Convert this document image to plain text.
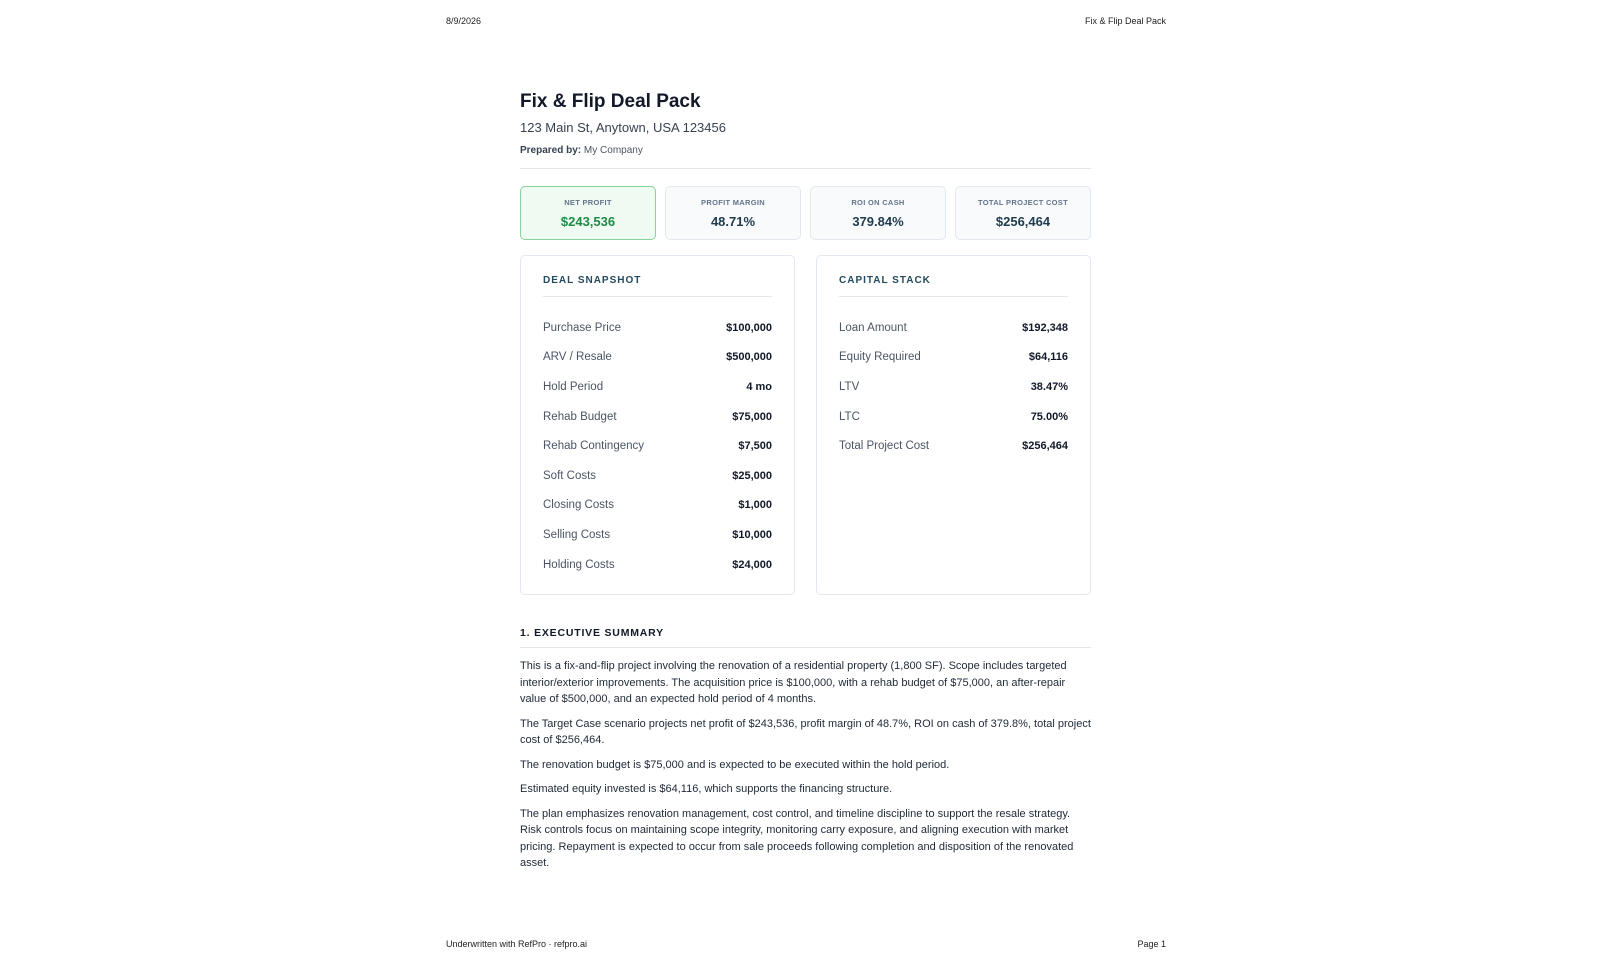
8/9/2026	Fix & Flip Deal Pack
Fix & Flip Deal Pack
123 Main St, Anytown, USA 123456
Prepared by: My Company
NET PROFIT
$243,536
PROFIT MARGIN
48.71%
ROI ON CASH
379.84%
TOTAL PROJECT COST
$256,464
DEAL SNAPSHOT
Purchase Price	$100,000
ARV / Resale	$500,000
Hold Period	4 mo
Rehab Budget	$75,000
Rehab Contingency	$7,500
Soft Costs	$25,000
Closing Costs	$1,000
Selling Costs	$10,000
Holding Costs	$24,000
CAPITAL STACK
Loan Amount	$192,348
Equity Required	$64,116
LTV	38.47%
LTC	75.00%
Total Project Cost	$256,464
1. EXECUTIVE SUMMARY

This is a fix-and-flip project involving the renovation of a residential property (1,800 SF). Scope includes targeted interior/exterior improvements. The acquisition price is $100,000, with a rehab budget of $75,000, an after-repair value of $500,000, and an expected hold period of 4 months.

The Target Case scenario projects net profit of $243,536, profit margin of 48.7%, ROI on cash of 379.8%, total project cost of $256,464.

The renovation budget is $75,000 and is expected to be executed within the hold period.

Estimated equity invested is $64,116, which supports the financing structure.

The plan emphasizes renovation management, cost control, and timeline discipline to support the resale strategy. Risk controls focus on maintaining scope integrity, monitoring carry exposure, and aligning execution with market pricing. Repayment is expected to occur from sale proceeds following completion and disposition of the renovated asset.

Underwritten with RefPro · refpro.ai	Page 1
